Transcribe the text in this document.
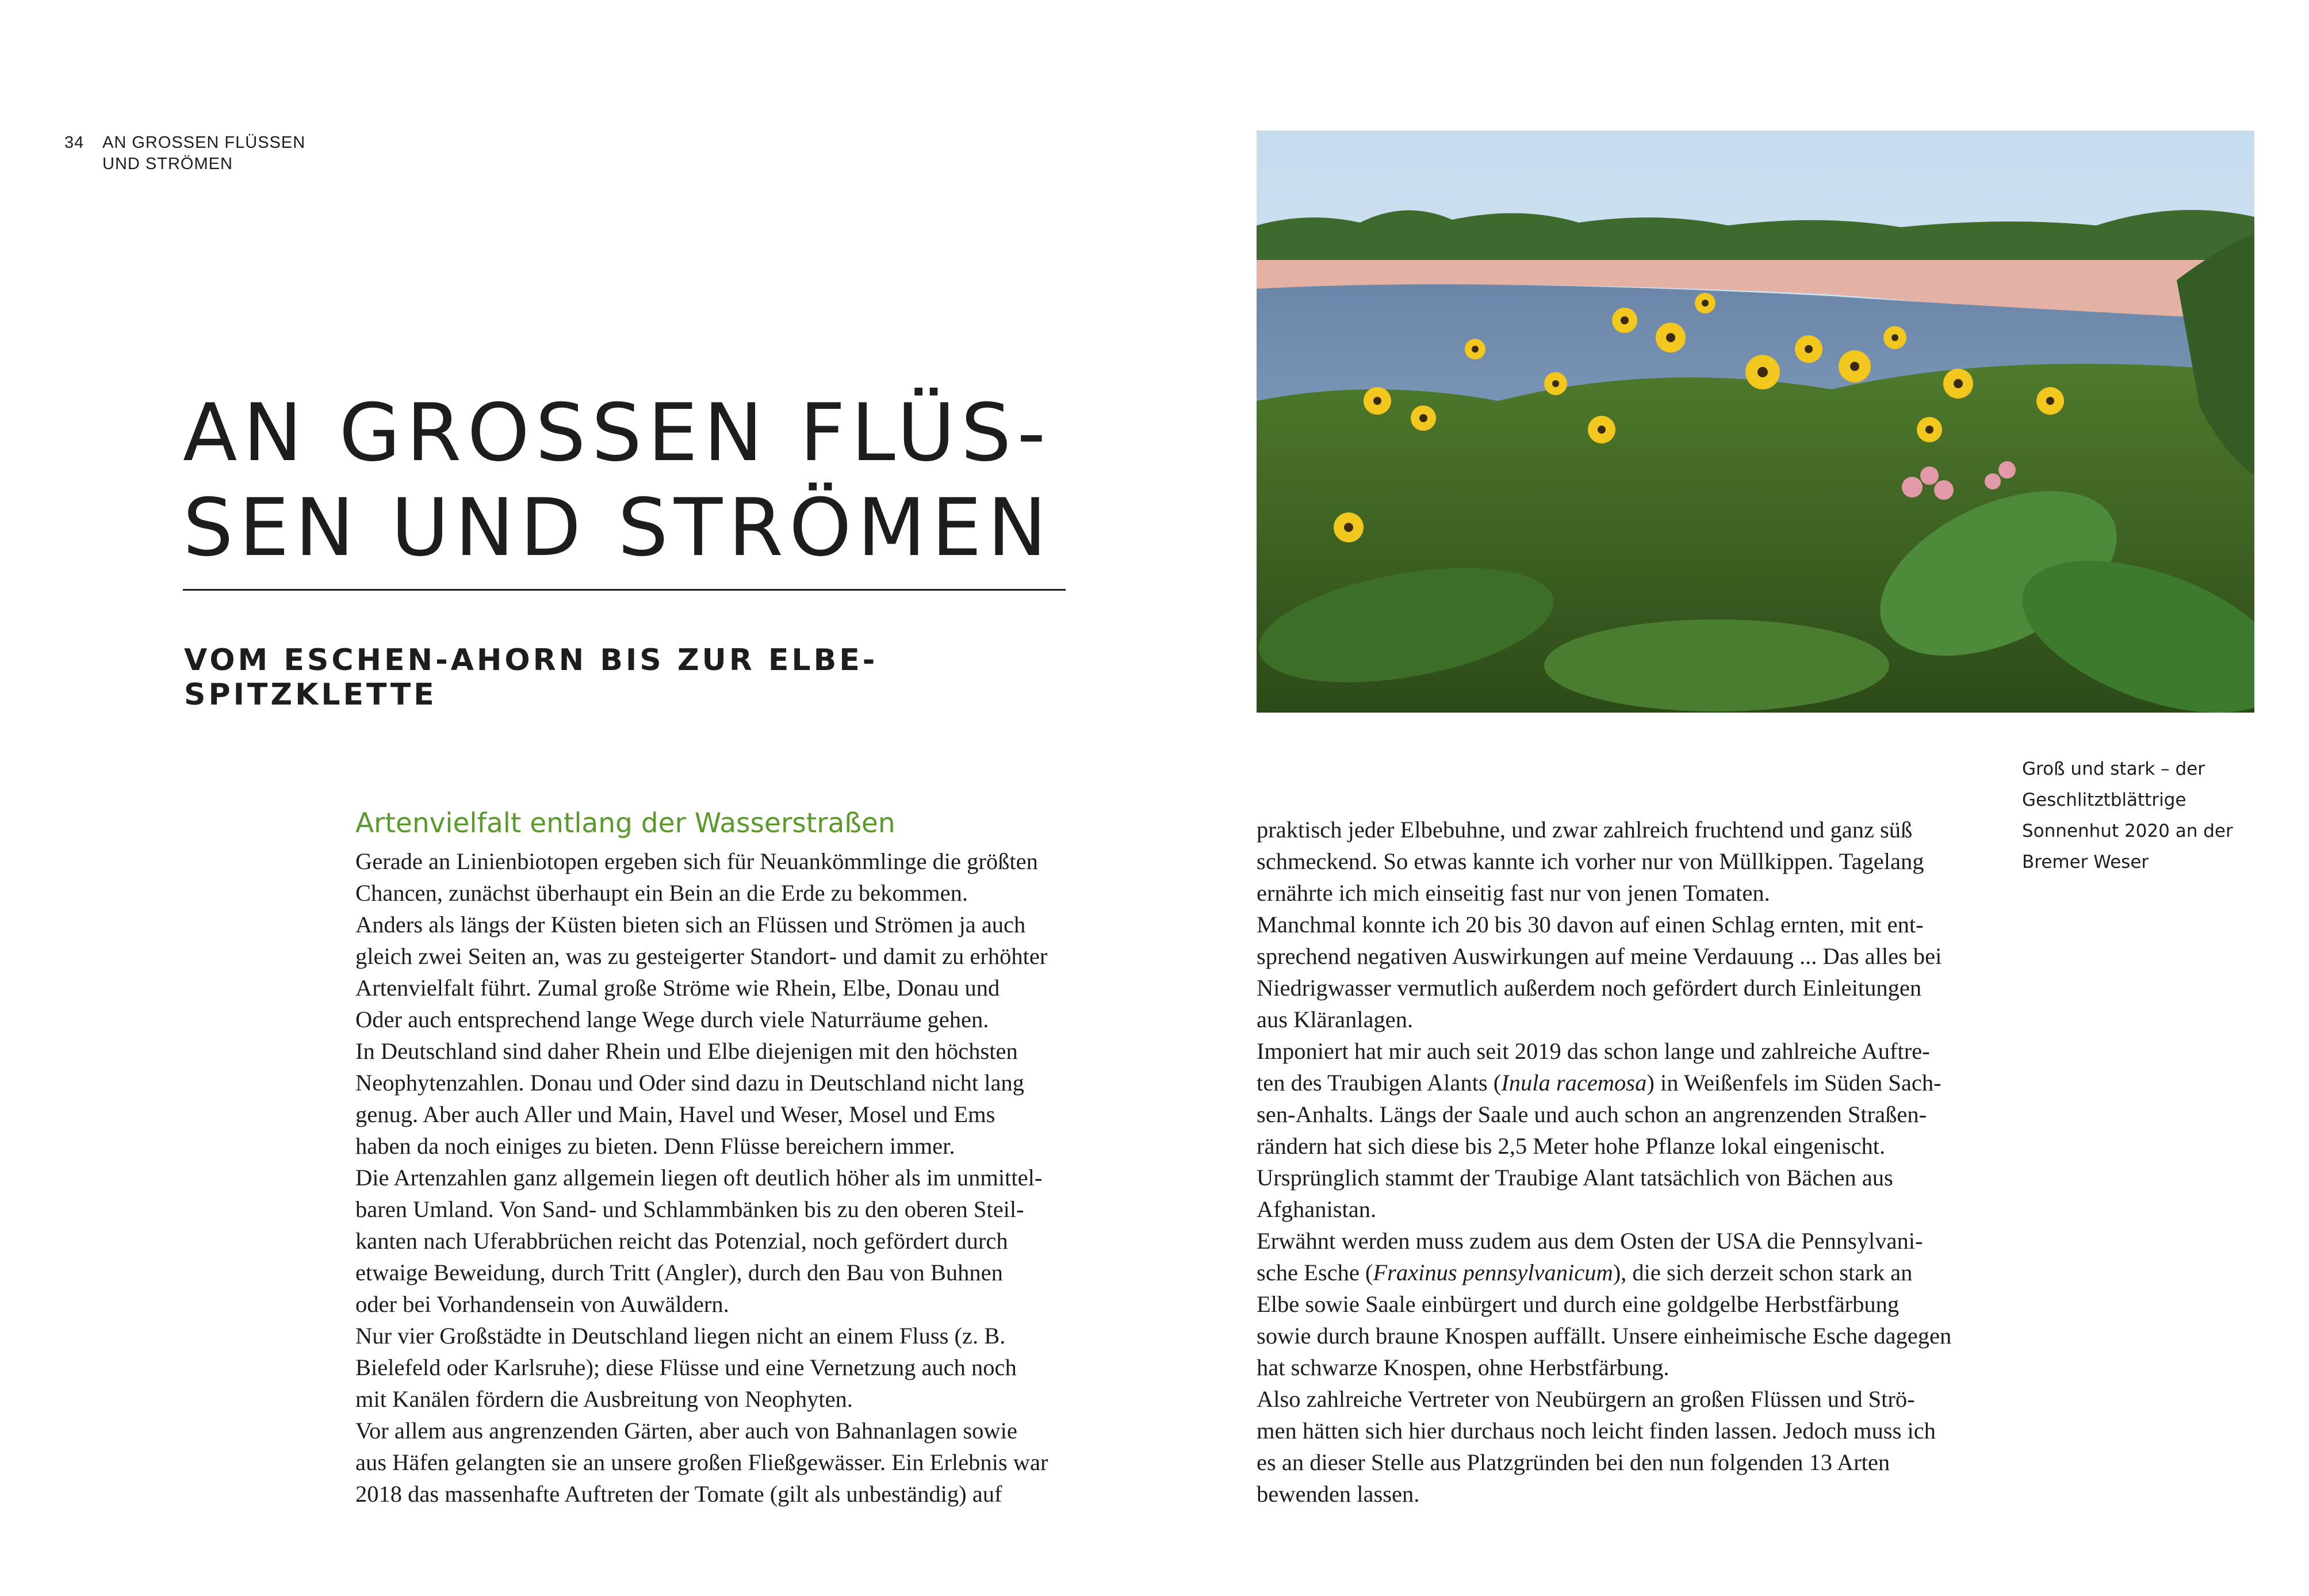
34 AN GROSSEN FLÜSSEN
UND STRÖMEN
AN GROSSEN FLÜS-
SEN UND STRÖMEN
VOM ESCHEN-AHORN BIS ZUR ELBE-SPITZKLETTE
Artenvielfalt entlang der Wasserstraßen

Gerade an Linienbiotopen ergeben sich für Neuankömmlinge die größten

Chancen, zunächst überhaupt ein Bein an die Erde zu bekommen.

Anders als längs der Küsten bieten sich an Flüssen und Strömen ja auch

gleich zwei Seiten an, was zu gesteigerter Standort- und damit zu erhöhter

Artenvielfalt führt. Zumal große Ströme wie Rhein, Elbe, Donau und

Oder auch entsprechend lange Wege durch viele Naturräume gehen.

In Deutschland sind daher Rhein und Elbe diejenigen mit den höchsten

Neophytenzahlen. Donau und Oder sind dazu in Deutschland nicht lang

genug. Aber auch Aller und Main, Havel und Weser, Mosel und Ems

haben da noch einiges zu bieten. Denn Flüsse bereichern immer.

Die Artenzahlen ganz allgemein liegen oft deutlich höher als im unmittel-

baren Umland. Von Sand- und Schlammbänken bis zu den oberen Steil-

kanten nach Uferabbrüchen reicht das Potenzial, noch gefördert durch

etwaige Beweidung, durch Tritt (Angler), durch den Bau von Buhnen

oder bei Vorhandensein von Auwäldern.

Nur vier Großstädte in Deutschland liegen nicht an einem Fluss (z. B.

Bielefeld oder Karlsruhe); diese Flüsse und eine Vernetzung auch noch

mit Kanälen fördern die Ausbreitung von Neophyten.

Vor allem aus angrenzenden Gärten, aber auch von Bahnanlagen sowie

aus Häfen gelangten sie an unsere großen Fließgewässer. Ein Erlebnis war

2018 das massenhafte Auftreten der Tomate (gilt als unbeständig) auf

Groß und stark – der

Geschlitztblättrige

Sonnenhut 2020 an der

Bremer Weser

praktisch jeder Elbebuhne, und zwar zahlreich fruchtend und ganz süß

schmeckend. So etwas kannte ich vorher nur von Müllkippen. Tagelang

ernährte ich mich einseitig fast nur von jenen Tomaten.

Manchmal konnte ich 20 bis 30 davon auf einen Schlag ernten, mit ent-

sprechend negativen Auswirkungen auf meine Verdauung ... Das alles bei

Niedrigwasser vermutlich außerdem noch gefördert durch Einleitungen

aus Kläranlagen.

Imponiert hat mir auch seit 2019 das schon lange und zahlreiche Auftre-

ten des Traubigen Alants (Inula racemosa) in Weißenfels im Süden Sach-

sen-Anhalts. Längs der Saale und auch schon an angrenzenden Straßen-

rändern hat sich diese bis 2,5 Meter hohe Pflanze lokal eingenischt.

Ursprünglich stammt der Traubige Alant tatsächlich von Bächen aus

Afghanistan.

Erwähnt werden muss zudem aus dem Osten der USA die Pennsylvani-

sche Esche (Fraxinus pennsylvanicum), die sich derzeit schon stark an

Elbe sowie Saale einbürgert und durch eine goldgelbe Herbstfärbung

sowie durch braune Knospen auffällt. Unsere einheimische Esche dagegen

hat schwarze Knospen, ohne Herbstfärbung.

Also zahlreiche Vertreter von Neubürgern an großen Flüssen und Strö-

men hätten sich hier durchaus noch leicht finden lassen. Jedoch muss ich

es an dieser Stelle aus Platzgründen bei den nun folgenden 13 Arten

bewenden lassen.
